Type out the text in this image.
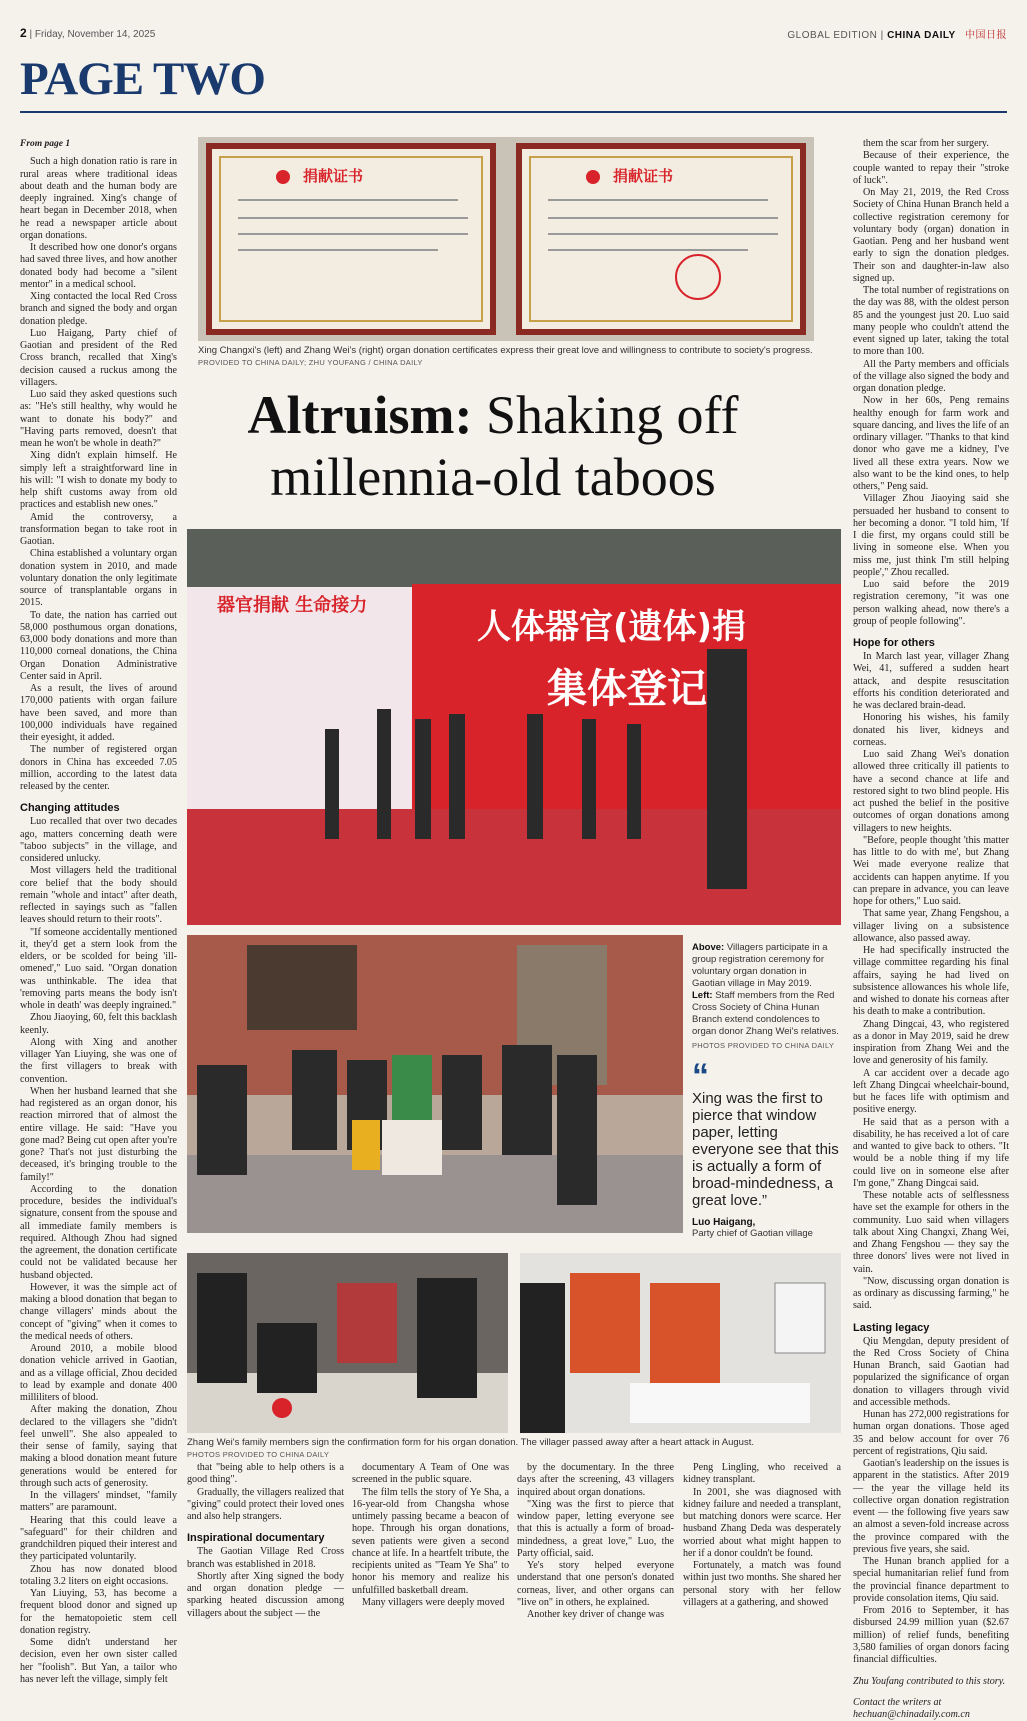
2 | Friday, November 14, 2025	GLOBAL EDITION | CHINA DAILY 中国日报
PAGE TWO

From page 1

Such a high donation ratio is rare in rural areas where traditional ideas about death and the human body are deeply ingrained. Xing's change of heart began in December 2018, when he read a newspaper article about organ donations.

It described how one donor's organs had saved three lives, and how another donated body had become a "silent mentor" in a medical school.

Xing contacted the local Red Cross branch and signed the body and organ donation pledge.

Luo Haigang, Party chief of Gaotian and president of the Red Cross branch, recalled that Xing's decision caused a ruckus among the villagers.

Luo said they asked questions such as: "He's still healthy, why would he want to donate his body?" and "Having parts removed, doesn't that mean he won't be whole in death?"

Xing didn't explain himself. He simply left a straightforward line in his will: "I wish to donate my body to help shift customs away from old practices and establish new ones."

Amid the controversy, a transformation began to take root in Gaotian.

China established a voluntary organ donation system in 2010, and made voluntary donation the only legitimate source of transplantable organs in 2015.

To date, the nation has carried out 58,000 posthumous organ donations, 63,000 body donations and more than 110,000 corneal donations, the China Organ Donation Administrative Center said in April.

As a result, the lives of around 170,000 patients with organ failure have been saved, and more than 100,000 individuals have regained their eyesight, it added.

The number of registered organ donors in China has exceeded 7.05 million, according to the latest data released by the center.

Changing attitudes

Luo recalled that over two decades ago, matters concerning death were "taboo subjects" in the village, and considered unlucky.

Most villagers held the traditional core belief that the body should remain "whole and intact" after death, reflected in sayings such as "fallen leaves should return to their roots".

"If someone accidentally mentioned it, they'd get a stern look from the elders, or be scolded for being 'ill-omened'," Luo said. "Organ donation was unthinkable. The idea that 'removing parts means the body isn't whole in death' was deeply ingrained."

Zhou Jiaoying, 60, felt this backlash keenly.

Along with Xing and another villager Yan Liuying, she was one of the first villagers to break with convention.

When her husband learned that she had registered as an organ donor, his reaction mirrored that of almost the entire village. He said: "Have you gone mad? Being cut open after you're gone? That's not just disturbing the deceased, it's bringing trouble to the family!"

According to the donation procedure, besides the individual's signature, consent from the spouse and all immediate family members is required. Although Zhou had signed the agreement, the donation certificate could not be validated because her husband objected.

However, it was the simple act of making a blood donation that began to change villagers' minds about the concept of "giving" when it comes to the medical needs of others.

Around 2010, a mobile blood donation vehicle arrived in Gaotian, and as a village official, Zhou decided to lead by example and donate 400 milliliters of blood.

After making the donation, Zhou declared to the villagers she "didn't feel unwell". She also appealed to their sense of family, saying that making a blood donation meant future generations would be entered for through such acts of generosity.

In the villagers' mindset, "family matters" are paramount.

Hearing that this could leave a "safeguard" for their children and grandchildren piqued their interest and they participated voluntarily.

Zhou has now donated blood totaling 3.2 liters on eight occasions.

Yan Liuying, 53, has become a frequent blood donor and signed up for the hematopoietic stem cell donation registry.

Some didn't understand her decision, even her own sister called her "foolish". But Yan, a tailor who has never left the village, simply felt

捐献证书	捐献证书
Xing Changxi's (left) and Zhang Wei's (right) organ donation certificates express their great love and willingness to contribute to society's progress. PROVIDED TO CHINA DAILY; ZHU YOUFANG / CHINA DAILY
Altruism: Shaking off millennia-old taboos
器官捐献 生命接力
人体器官(遗体)捐
集体登记
Above: Villagers participate in a group registration ceremony for voluntary organ donation in Gaotian village in May 2019.
Left: Staff members from the Red Cross Society of China Hunan Branch extend condolences to organ donor Zhang Wei's relatives.
PHOTOS PROVIDED TO CHINA DAILY
“
Xing was the first to pierce that window paper, letting everyone see that this is actually a form of broad-mindedness, a great love.”
Luo Haigang,
Party chief of Gaotian village
Zhang Wei's family members sign the confirmation form for his organ donation. The villager passed away after a heart attack in August.
PHOTOS PROVIDED TO CHINA DAILY

that "being able to help others is a good thing".

Gradually, the villagers realized that "giving" could protect their loved ones and also help strangers.

Inspirational documentary

The Gaotian Village Red Cross branch was established in 2018.

Shortly after Xing signed the body and organ donation pledge — sparking heated discussion among villagers about the subject — the

documentary A Team of One was screened in the public square.

The film tells the story of Ye Sha, a 16-year-old from Changsha whose untimely passing became a beacon of hope. Through his organ donations, seven patients were given a second chance at life. In a heartfelt tribute, the recipients united as "Team Ye Sha" to honor his memory and realize his unfulfilled basketball dream.

Many villagers were deeply moved

by the documentary. In the three days after the screening, 43 villagers inquired about organ donations.

"Xing was the first to pierce that window paper, letting everyone see that this is actually a form of broad-mindedness, a great love," Luo, the Party official, said.

Ye's story helped everyone understand that one person's donated corneas, liver, and other organs can "live on" in others, he explained.

Another key driver of change was

Peng Lingling, who received a kidney transplant.

In 2001, she was diagnosed with kidney failure and needed a transplant, but matching donors were scarce. Her husband Zhang Deda was desperately worried about what might happen to her if a donor couldn't be found.

Fortunately, a match was found within just two months. She shared her personal story with her fellow villagers at a gathering, and showed

them the scar from her surgery.

Because of their experience, the couple wanted to repay their "stroke of luck".

On May 21, 2019, the Red Cross Society of China Hunan Branch held a collective registration ceremony for voluntary body (organ) donation in Gaotian. Peng and her husband went early to sign the donation pledges. Their son and daughter-in-law also signed up.

The total number of registrations on the day was 88, with the oldest person 85 and the youngest just 20. Luo said many people who couldn't attend the event signed up later, taking the total to more than 100.

All the Party members and officials of the village also signed the body and organ donation pledge.

Now in her 60s, Peng remains healthy enough for farm work and square dancing, and lives the life of an ordinary villager. "Thanks to that kind donor who gave me a kidney, I've lived all these extra years. Now we also want to be the kind ones, to help others," Peng said.

Villager Zhou Jiaoying said she persuaded her husband to consent to her becoming a donor. "I told him, 'If I die first, my organs could still be living in someone else. When you miss me, just think I'm still helping people'," Zhou recalled.

Luo said before the 2019 registration ceremony, "it was one person walking ahead, now there's a group of people following".

Hope for others

In March last year, villager Zhang Wei, 41, suffered a sudden heart attack, and despite resuscitation efforts his condition deteriorated and he was declared brain-dead.

Honoring his wishes, his family donated his liver, kidneys and corneas.

Luo said Zhang Wei's donation allowed three critically ill patients to have a second chance at life and restored sight to two blind people. His act pushed the belief in the positive outcomes of organ donations among villagers to new heights.

"Before, people thought 'this matter has little to do with me', but Zhang Wei made everyone realize that accidents can happen anytime. If you can prepare in advance, you can leave hope for others," Luo said.

That same year, Zhang Fengshou, a villager living on a subsistence allowance, also passed away.

He had specifically instructed the village committee regarding his final affairs, saying he had lived on subsistence allowances his whole life, and wished to donate his corneas after his death to make a contribution.

Zhang Dingcai, 43, who registered as a donor in May 2019, said he drew inspiration from Zhang Wei and the love and generosity of his family.

A car accident over a decade ago left Zhang Dingcai wheelchair-bound, but he faces life with optimism and positive energy.

He said that as a person with a disability, he has received a lot of care and wanted to give back to others. "It would be a noble thing if my life could live on in someone else after I'm gone," Zhang Dingcai said.

These notable acts of selflessness have set the example for others in the community. Luo said when villagers talk about Xing Changxi, Zhang Wei, and Zhang Fengshou — they say the three donors' lives were not lived in vain.

"Now, discussing organ donation is as ordinary as discussing farming," he said.

Lasting legacy

Qiu Mengdan, deputy president of the Red Cross Society of China Hunan Branch, said Gaotian had popularized the significance of organ donation to villagers through vivid and accessible methods.

Hunan has 272,000 registrations for human organ donations. Those aged 35 and below account for over 76 percent of registrations, Qiu said.

Gaotian's leadership on the issues is apparent in the statistics. After 2019 — the year the village held its collective organ donation registration event — the following five years saw an almost a seven-fold increase across the province compared with the previous five years, she said.

The Hunan branch applied for a special humanitarian relief fund from the provincial finance department to provide consolation items, Qiu said.

From 2016 to September, it has disbursed 24.99 million yuan ($2.67 million) of relief funds, benefiting 3,580 families of organ donors facing financial difficulties.

Zhu Youfang contributed to this story.

Contact the writers at

hechuan@chinadaily.com.cn
